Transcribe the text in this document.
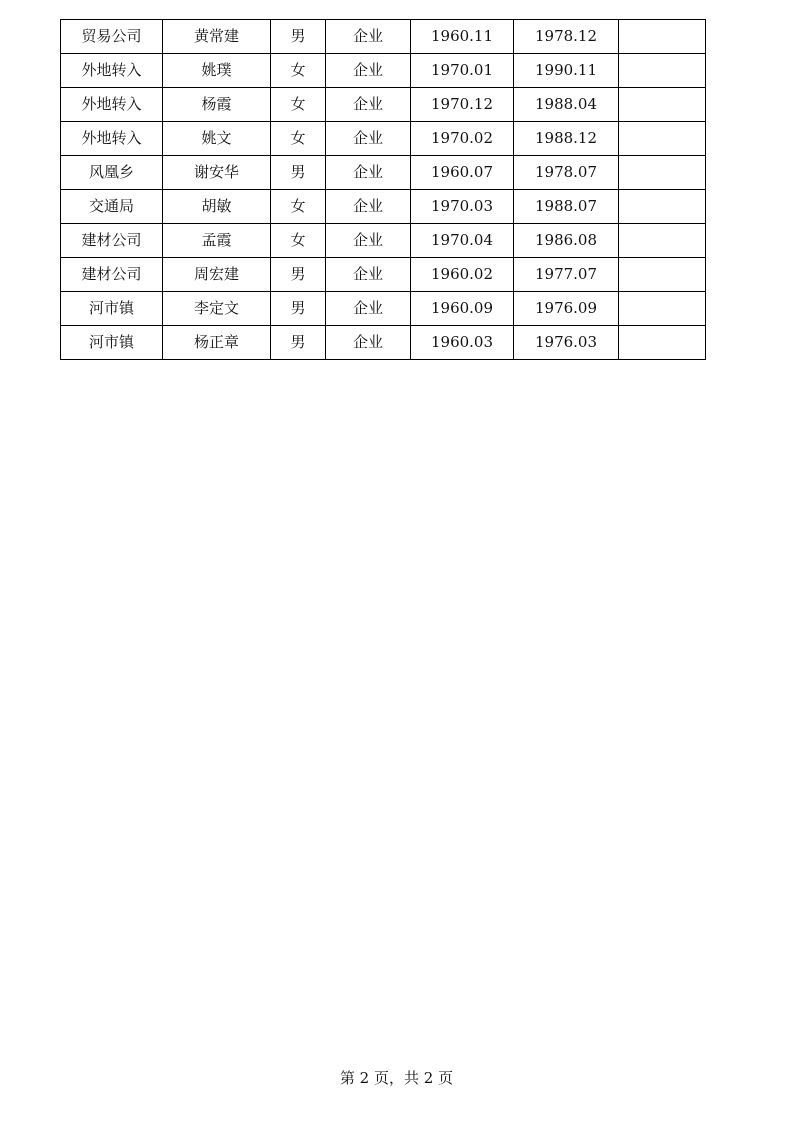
贸易公司	黄常建	男	企业	1960.11	1978.12	
外地转入	姚璞	女	企业	1970.01	1990.11	
外地转入	杨霞	女	企业	1970.12	1988.04	
外地转入	姚文	女	企业	1970.02	1988.12	
风凰乡	谢安华	男	企业	1960.07	1978.07	
交通局	胡敏	女	企业	1970.03	1988.07	
建材公司	孟霞	女	企业	1970.04	1986.08	
建材公司	周宏建	男	企业	1960.02	1977.07	
河市镇	李定文	男	企业	1960.09	1976.09	
河市镇	杨正章	男	企业	1960.03	1976.03	
第 2 页，共 2 页
